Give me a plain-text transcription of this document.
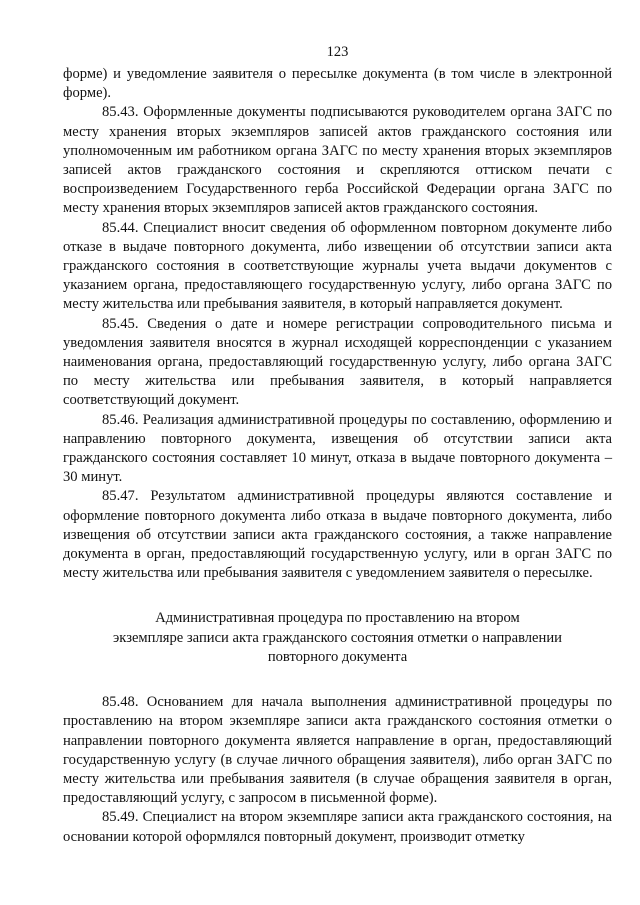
123

форме) и уведомление заявителя о пересылке документа (в том числе в электронной форме).

85.43. Оформленные документы подписываются руководителем органа ЗАГС по месту хранения вторых экземпляров записей актов гражданского состояния или уполномоченным им работником органа ЗАГС по месту хранения вторых экземпляров записей актов гражданского состояния и скрепляются оттиском печати с воспроизведением Государственного герба Российской Федерации органа ЗАГС по месту хранения вторых экземпляров записей актов гражданского состояния.

85.44. Специалист вносит сведения об оформленном повторном документе либо отказе в выдаче повторного документа, либо извещении об отсутствии записи акта гражданского состояния в соответствующие журналы учета выдачи документов с указанием органа, предоставляющего государственную услугу, либо органа ЗАГС по месту жительства или пребывания заявителя, в который направляется документ.

85.45. Сведения о дате и номере регистрации сопроводительного письма и уведомления заявителя вносятся в журнал исходящей корреспонденции с указанием наименования органа, предоставляющий государственную услугу, либо органа ЗАГС по месту жительства или пребывания заявителя, в который направляется соответствующий документ.

85.46. Реализация административной процедуры по составлению, оформлению и направлению повторного документа, извещения об отсутствии записи акта гражданского состояния составляет 10 минут, отказа в выдаче повторного документа – 30 минут.

85.47. Результатом административной процедуры являются составление и оформление повторного документа либо отказа в выдаче повторного документа, либо извещения об отсутствии записи акта гражданского состояния, а также направление документа в орган, предоставляющий государственную услугу, или в орган ЗАГС по месту жительства или пребывания заявителя с уведомлением заявителя о пересылке.

Административная процедура по проставлению на втором
экземпляре записи акта гражданского состояния отметки о направлении
повторного документа

85.48. Основанием для начала выполнения административной процедуры по проставлению на втором экземпляре записи акта гражданского состояния отметки о направлении повторного документа является направление в орган, предоставляющий государственную услугу (в случае личного обращения заявителя), либо орган ЗАГС по месту жительства или пребывания заявителя (в случае обращения заявителя в орган, предоставляющий услугу, с запросом в письменной форме).

85.49. Специалист на втором экземпляре записи акта гражданского состояния, на основании которой оформлялся повторный документ, производит отметку
